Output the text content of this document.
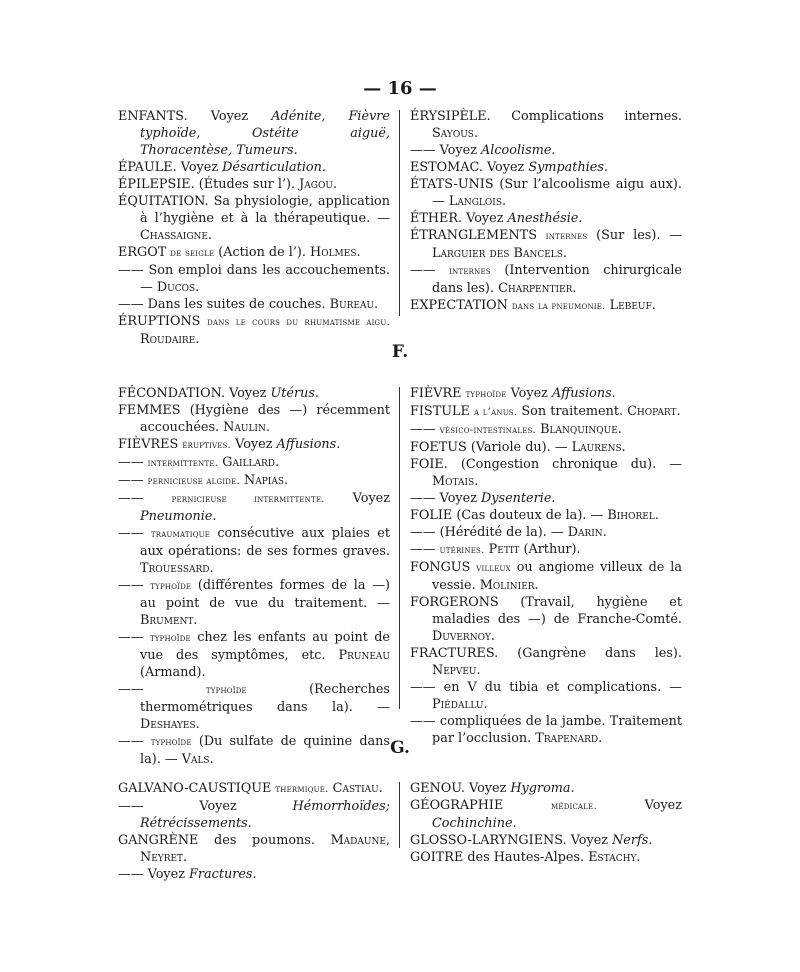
— 16 —

ENFANTS. Voyez Adénite, Fièvre typhoïde, Ostéite aiguë, Thoracentèse, Tumeurs.

ÉPAULE. Voyez Désarticulation.

ÉPILEPSIE. (Études sur l’). Jagou.

ÉQUITATION. Sa physiologie, application à l’hygiène et à la thérapeutique. — Chassaigne.

ERGOT de seigle (Action de l’). Holmes.

—— Son emploi dans les accouchements. — Ducos.

—— Dans les suites de couches. Bureau.

ÉRUPTIONS dans le cours du rhumatisme aigu. Roudaire.

ÉRYSIPÈLE. Complications internes. Sayous.

—— Voyez Alcoolisme.

ESTOMAC. Voyez Sympathies.

ÉTATS-UNIS (Sur l’alcoolisme aigu aux). — Langlois.

ÉTHER. Voyez Anesthésie.

ÉTRANGLEMENTS internes (Sur les). — Larguier des Bancels.

—— internes (Intervention chirurgicale dans les). Charpentier.

EXPECTATION dans la pneumonie. Lebeuf.

F.

FÉCONDATION. Voyez Utérus.

FEMMES (Hygiène des —) récemment accouchées. Naulin.

FIÈVRES éruptives. Voyez Affusions.

—— intermittente. Gaillard.

—— pernicieuse algide. Napias.

—— pernicieuse intermittente. Voyez Pneumonie.

—— traumatique consécutive aux plaies et aux opérations: de ses formes graves. Trouessard.

—— typhoïde (différentes formes de la —) au point de vue du traitement. — Brument.

—— typhoïde chez les enfants au point de vue des symptômes, etc. Pruneau (Armand).

—— typhoïde (Recherches thermométriques dans la). — Deshayes.

—— typhoïde (Du sulfate de quinine dans la). — Vals.

FIÈVRE typhoïde Voyez Affusions.

FISTULE a l’anus. Son traitement. Chopart.

—— vésico-intestinales. Blanquinque.

FOETUS (Variole du). — Laurens.

FOIE. (Congestion chronique du). — Motais.

—— Voyez Dysenterie.

FOLIE (Cas douteux de la). — Bihorel.

—— (Hérédité de la). — Darin.

—— utérines. Petit (Arthur).

FONGUS villeux ou angiome villeux de la vessie. Molinier.

FORGERONS (Travail, hygiène et maladies des —) de Franche-Comté. Duvernoy.

FRACTURES. (Gangrène dans les). Nepveu.

—— en V du tibia et complications. — Piédallu.

—— compliquées de la jambe. Traitement par l’occlusion. Trapenard.

G.

GALVANO-CAUSTIQUE thermique. Castiau.

—— Voyez Hémorrhoïdes; Rétrécissements.

GANGRÈNE des poumons. Madaune, Neyret.

—— Voyez Fractures.

GENOU. Voyez Hygroma.

GÉOGRAPHIE médicale. Voyez Cochinchine.

GLOSSO-LARYNGIENS. Voyez Nerfs.

GOITRE des Hautes-Alpes. Estachy.
